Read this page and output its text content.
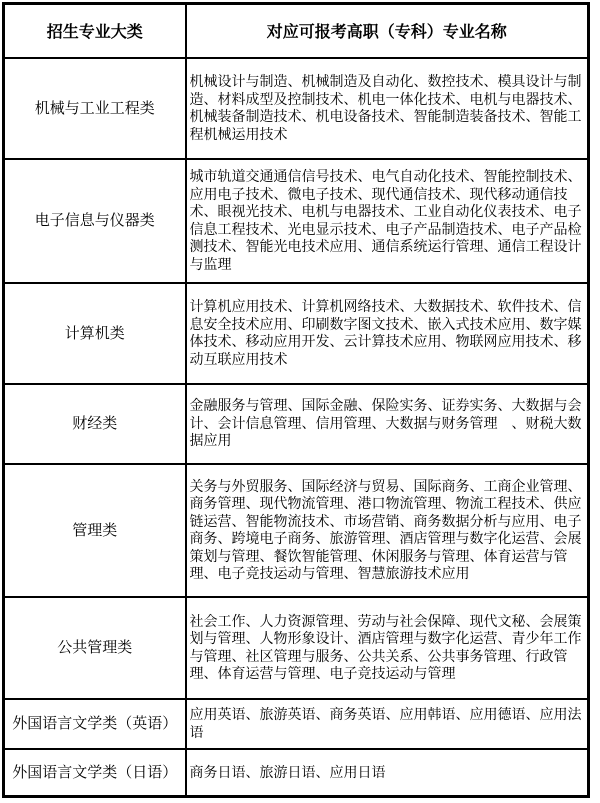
招生专业大类	对应可报考高职（专科）专业名称
机械与工业工程类	机械设计与制造、机械制造及自动化、数控技术、模具设计与制造、材料成型及控制技术、机电一体化技术、电机与电器技术、机械装备制造技术、机电设备技术、智能制造装备技术、智能工程机械运用技术
电子信息与仪器类	城市轨道交通通信信号技术、电气自动化技术、智能控制技术、应用电子技术、微电子技术、现代通信技术、现代移动通信技术、眼视光技术、电机与电器技术、工业自动化仪表技术、电子信息工程技术、光电显示技术、电子产品制造技术、电子产品检测技术、智能光电技术应用、通信系统运行管理、通信工程设计与监理
计算机类	计算机应用技术、计算机网络技术、大数据技术、软件技术、信息安全技术应用、印刷数字图文技术、嵌入式技术应用、数字媒体技术、移动应用开发、云计算技术应用、物联网应用技术、移动互联应用技术
财经类	金融服务与管理、国际金融、保险实务、证券实务、大数据与会计、会计信息管理、信用管理、大数据与财务管理　、财税大数据应用
管理类	关务与外贸服务、国际经济与贸易、国际商务、工商企业管理、商务管理、现代物流管理、港口物流管理、物流工程技术、供应链运营、智能物流技术、市场营销、商务数据分析与应用、电子商务、跨境电子商务、旅游管理、酒店管理与数字化运营、会展策划与管理、餐饮智能管理、休闲服务与管理、体育运营与管理、电子竞技运动与管理、智慧旅游技术应用
公共管理类	社会工作、人力资源管理、劳动与社会保障、现代文秘、会展策划与管理、人物形象设计、酒店管理与数字化运营、青少年工作与管理、社区管理与服务、公共关系、公共事务管理、行政管理、体育运营与管理、电子竞技运动与管理
外国语言文学类（英语）	应用英语、旅游英语、商务英语、应用韩语、应用德语、应用法语
外国语言文学类（日语）	商务日语、旅游日语、应用日语
